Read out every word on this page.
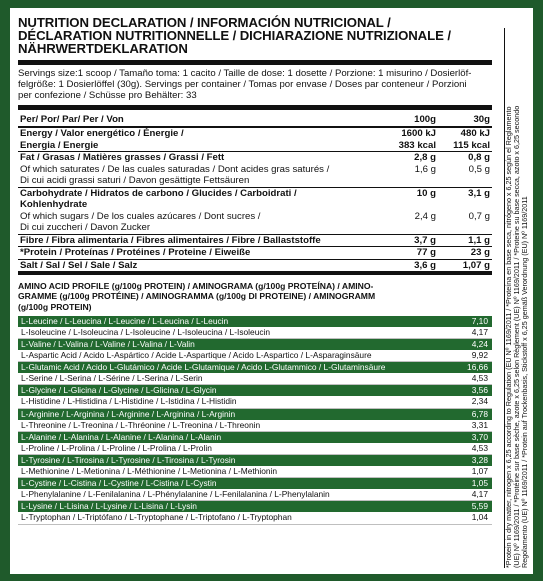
NUTRITION DECLARATION / INFORMACIÓN NUTRICIONAL /
DÉCLARATION NUTRITIONNELLE / DICHIARAZIONE NUTRIZIONALE /
NÄHRWERTDEKLARATION
Servings size:1 scoop / Tamaño toma: 1 cacito / Taille de dose: 1 dosette / Porzione: 1 misurino / Dosierlöf-
felgröße: 1 Dosierlöffel (30g). Servings per container / Tomas por envase / Doses par conteneur / Porzioni
per confezione / Schüsse pro Behälter: 33
Per/ Por/ Par/ Per / Von	100g	30g
Energy / Valor energético / Énergie /	1600 kJ	480 kJ
Energia / Energie	383 kcal	115 kcal
Fat / Grasas / Matières grasses / Grassi / Fett	2,8 g	0,8 g
Of which saturates / De las cuales saturadas / Dont acides gras saturés /	1,6 g	0,5 g
Di cui acidi grassi saturi / Davon gesättigte Fettsäuren		
Carbohydrate / Hidratos de carbono / Glucides / Carboidrati /	10 g	3,1 g
Kohlenhydrate		
Of which sugars / De los cuales azúcares / Dont sucres /	2,4 g	0,7 g
Di cui zuccheri / Davon Zucker		
Fibre / Fibra alimentaria / Fibres alimentaires / Fibre / Ballaststoffe	3,7 g	1,1 g
*Protein / Proteínas / Protéines / Proteine / Eiweiße	77 g	23 g
Salt / Sal / Sel / Sale / Salz	3,6 g	1,07 g
AMINO ACID PROFILE (g/100g PROTEIN) / AMINOGRAMA (g/100g PROTEÍNA) / AMINO-
GRAMME (g/100g PROTÉINE) / AMINOGRAMMA (g/100g DI PROTEINE) / AMINOGRAMM
(g/100g PROTEIN)
L-Leucine / L-Leucina / L-Leucine / L-Leucina / L-Leucin	7,10
L-Isoleucine / L-Isoleucina / L-Isoleucine / L-Isoleucina / L-Isoleucin	4,17
L-Valine / L-Valina / L-Valine / L-Valina / L-Valin	4,24
L-Aspartic Acid / Acido L-Aspártico / Acide L-Aspartique / Acido L-Aspartico / L-Asparaginsäure	9,92
L-Glutamic Acid / Acido L-Glutámico / Acide L-Glutamique / Acido L-Glutammico / L-Glutaminsäure	16,66
L-Serine / L-Serina / L-Sérine / L-Serina / L-Serin	4,53
L-Glycine / L-Glicina / L-Glycine / L-Glicina / L-Glycin	3,56
L-Histidine / L-Histidina / L-Histidine / L-Istidina / L-Histidin	2,34
L-Arginine / L-Arginina / L-Arginine / L-Arginina / L-Arginin	6,78
L-Threonine / L-Treonina / L-Thréonine / L-Treonina / L-Threonin	3,31
L-Alanine / L-Alanina / L-Alanine / L-Alanina / L-Alanin	3,70
L-Proline / L-Prolina / L-Proline / L-Prolina / L-Prolin	4,53
L-Tyrosine / L-Tirosina / L-Tyrosine / L-Tirosina / L-Tyrosin	3,28
L-Methionine / L-Metionina / L-Méthionine / L-Metionina / L-Methionin	1,07
L-Cystine / L-Cistina / L-Cystine / L-Cistina / L-Cystin	1,05
L-Phenylalanine / L-Fenilalanina / L-Phénylalanine / L-Fenilalanina / L-Phenylalanin	4,17
L-Lysine / L-Lisina / L-Lysine / L-Lisina / L-Lysin	5,59
L-Tryptophan / L-Triptófano / L-Tryptophane / L-Triptofano / L-Tryptophan	1,04 *Protein in dry matter, nitrogen x 6,25 according to Regulation (EU Nº 1169/2011 / *Proteína en base seca, nitrógeno x 6,25 según el Reglamento (UE) Nº 1169/2011 / *Protéine sur base sèche, azote x 6,25 selon Règlement (UE) Nº 1169/2011 / *Proteine su base secca, azoto x 6,25 secondo Regolamento (UE) Nº 1169/2011 / *Protein auf Trockenbasis, Stickstoff x 6,25 gemäß Verordnung (EU) Nº 1169/2011
